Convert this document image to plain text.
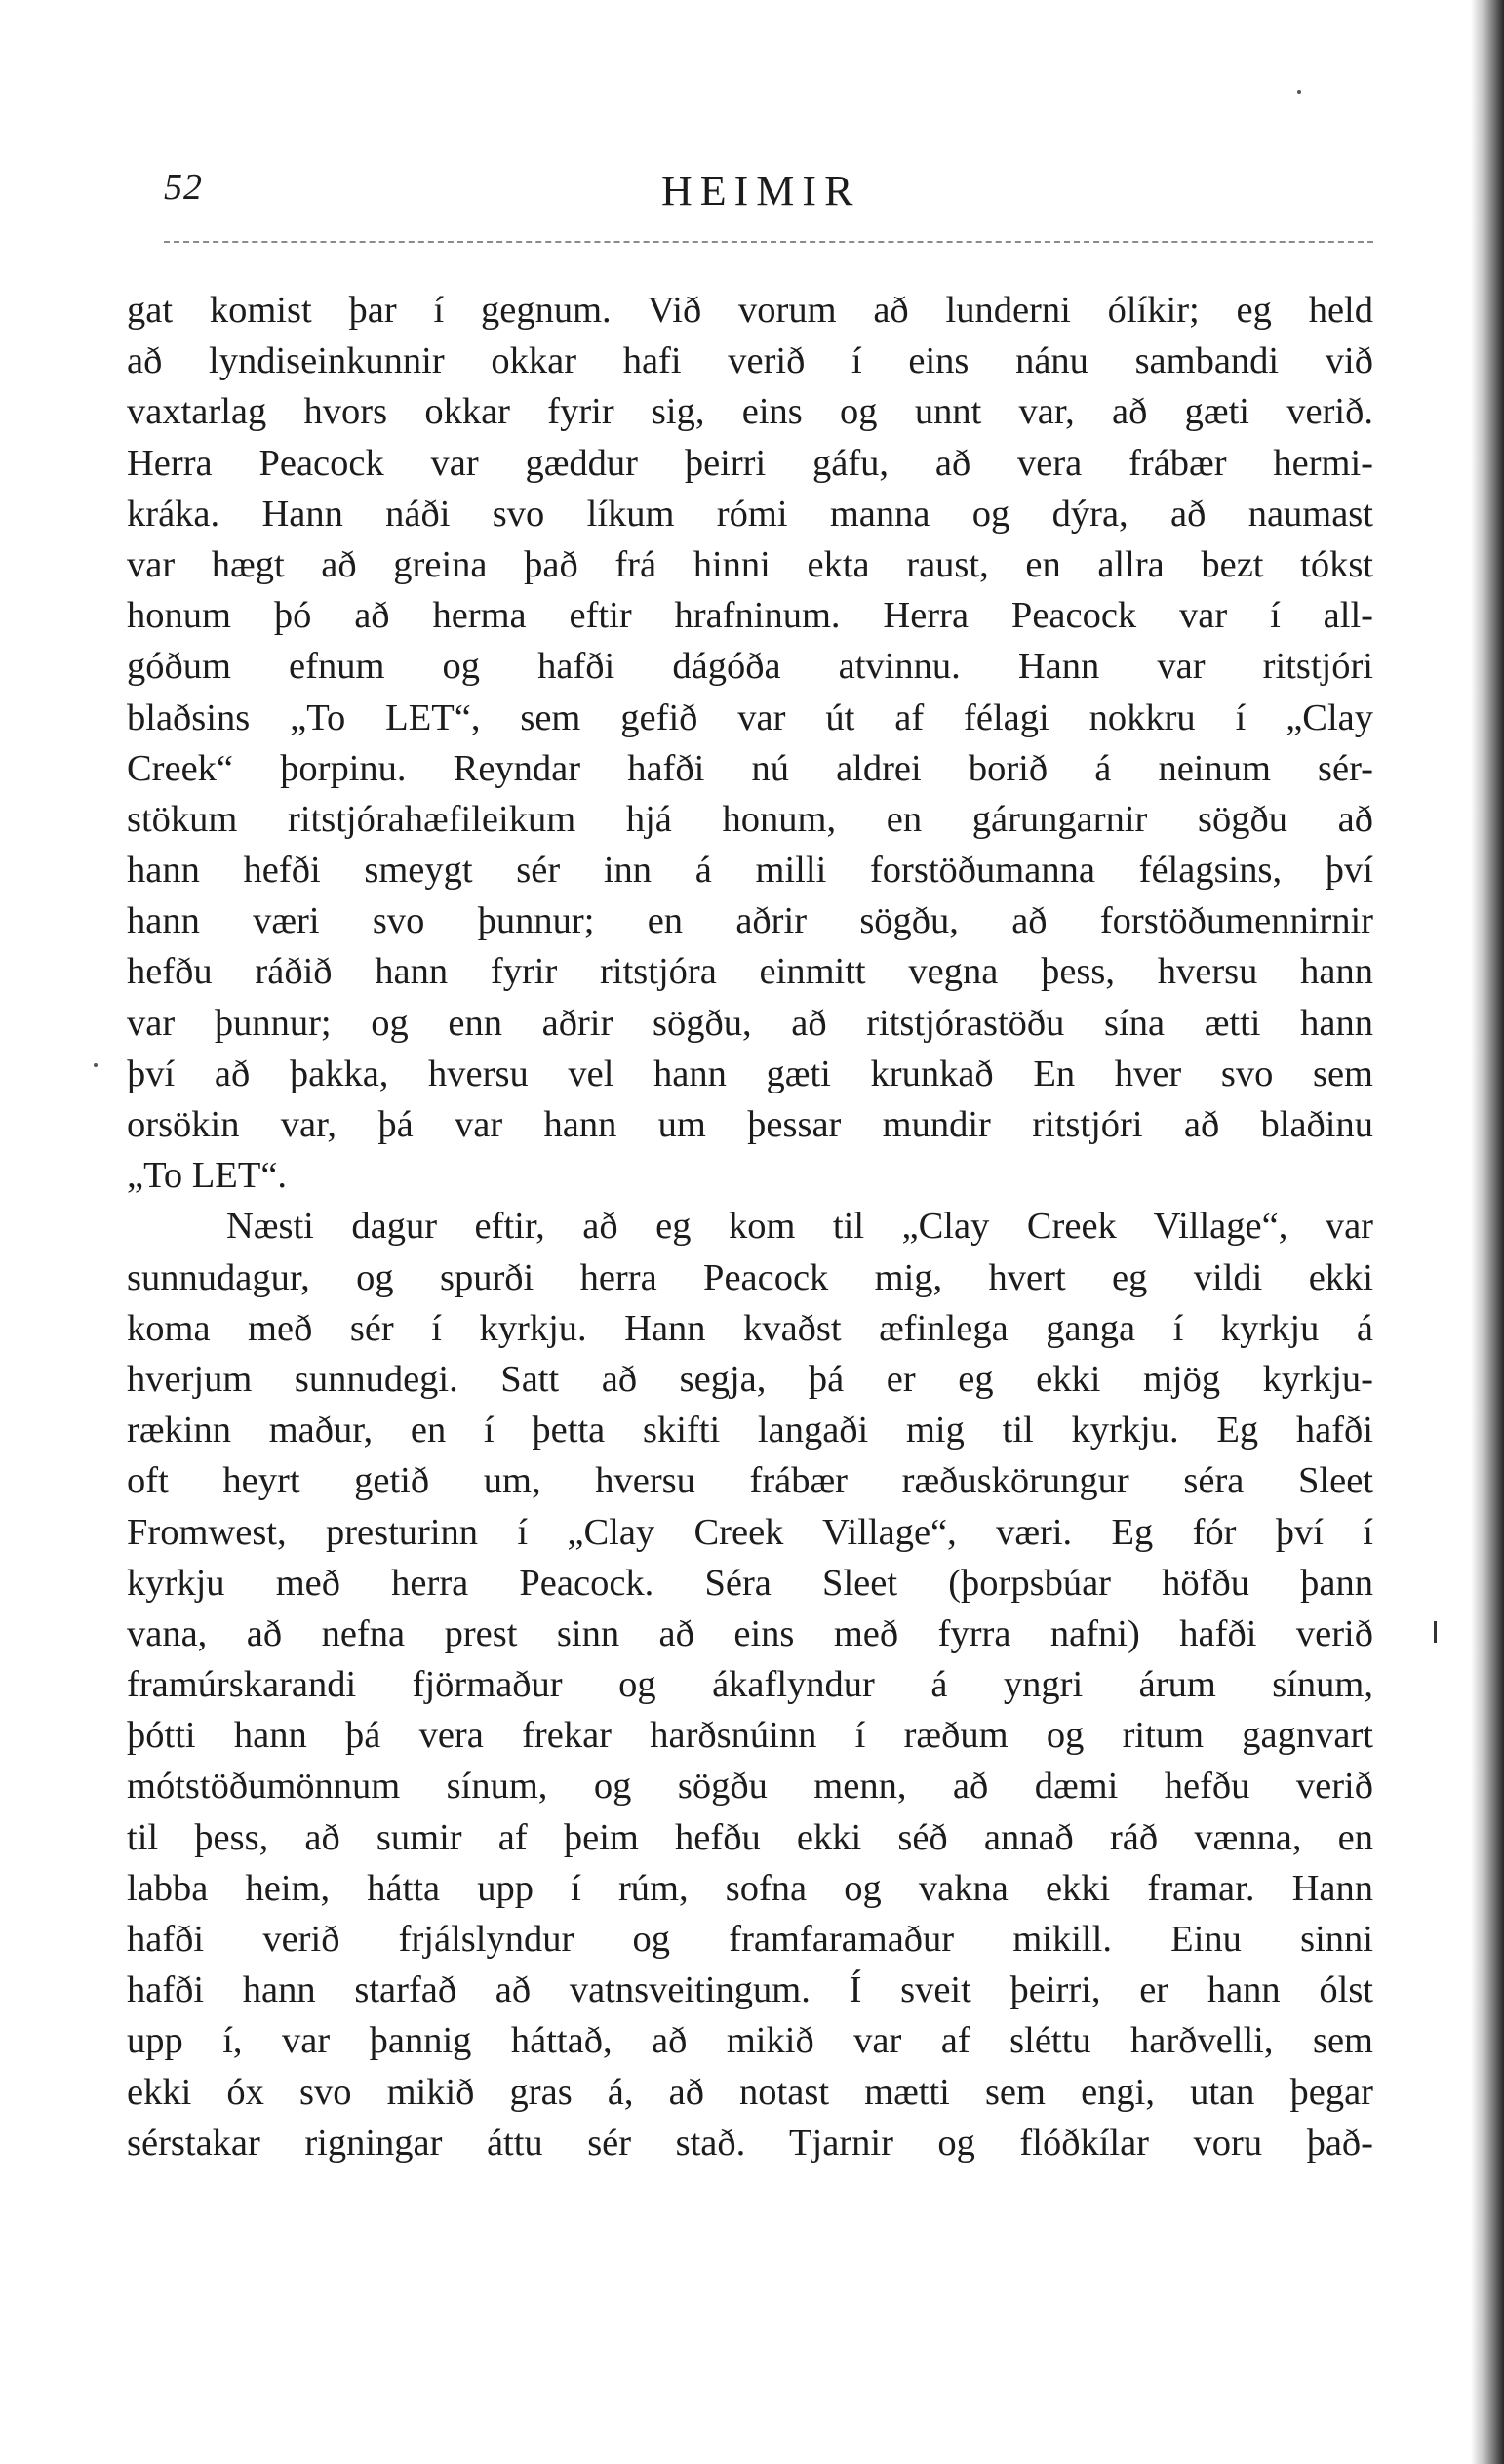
52	HEIMIR
gat komist þar í gegnum. Við vorum að lunderni ólíkir; eg held
að lyndiseinkunnir okkar hafi verið í eins nánu sambandi við
vaxtarlag hvors okkar fyrir sig, eins og unnt var, að gæti verið.
Herra Peacock var gæddur þeirri gáfu, að vera frábær hermi-
kráka. Hann náði svo líkum rómi manna og dýra, að naumast
var hægt að greina það frá hinni ekta raust, en allra bezt tókst
honum þó að herma eftir hrafninum. Herra Peacock var í all-
góðum efnum og hafði dágóða atvinnu. Hann var ritstjóri
blaðsins „To LET“, sem gefið var út af félagi nokkru í „Clay
Creek“ þorpinu. Reyndar hafði nú aldrei borið á neinum sér-
stökum ritstjórahæfileikum hjá honum, en gárungarnir sögðu að
hann hefði smeygt sér inn á milli forstöðumanna félagsins, því
hann væri svo þunnur; en aðrir sögðu, að forstöðumennirnir
hefðu ráðið hann fyrir ritstjóra einmitt vegna þess, hversu hann
var þunnur; og enn aðrir sögðu, að ritstjórastöðu sína ætti hann
því að þakka, hversu vel hann gæti krunkað En hver svo sem
orsökin var, þá var hann um þessar mundir ritstjóri að blaðinu
„To LET“.
Næsti dagur eftir, að eg kom til „Clay Creek Village“, var
sunnudagur, og spurði herra Peacock mig, hvert eg vildi ekki
koma með sér í kyrkju. Hann kvaðst æfinlega ganga í kyrkju á
hverjum sunnudegi. Satt að segja, þá er eg ekki mjög kyrkju-
rækinn maður, en í þetta skifti langaði mig til kyrkju. Eg hafði
oft heyrt getið um, hversu frábær ræðuskörungur séra Sleet
Fromwest, presturinn í „Clay Creek Village“, væri. Eg fór því í
kyrkju með herra Peacock. Séra Sleet (þorpsbúar höfðu þann
vana, að nefna prest sinn að eins með fyrra nafni) hafði verið
framúrskarandi fjörmaður og ákaflyndur á yngri árum sínum,
þótti hann þá vera frekar harðsnúinn í ræðum og ritum gagnvart
mótstöðumönnum sínum, og sögðu menn, að dæmi hefðu verið
til þess, að sumir af þeim hefðu ekki séð annað ráð vænna, en
labba heim, hátta upp í rúm, sofna og vakna ekki framar. Hann
hafði verið frjálslyndur og framfaramaður mikill. Einu sinni
hafði hann starfað að vatnsveitingum. Í sveit þeirri, er hann ólst
upp í, var þannig háttað, að mikið var af sléttu harðvelli, sem
ekki óx svo mikið gras á, að notast mætti sem engi, utan þegar
sérstakar rigningar áttu sér stað. Tjarnir og flóðkílar voru það-
